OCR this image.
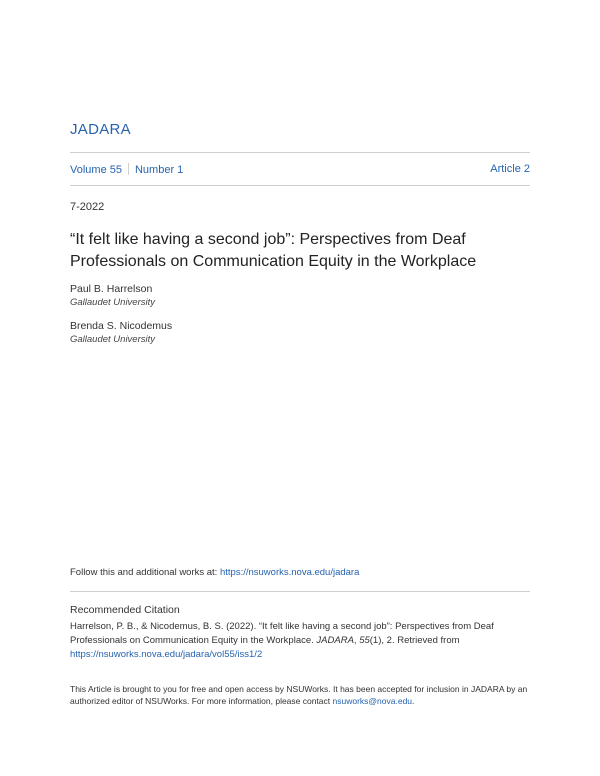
JADARA
Volume 55 Number 1	Article 2
7-2022
“It felt like having a second job”: Perspectives from Deaf
Professionals on Communication Equity in the Workplace
Paul B. Harrelson
Gallaudet University
Brenda S. Nicodemus
Gallaudet University
Follow this and additional works at: https://nsuworks.nova.edu/jadara
Recommended Citation
Harrelson, P. B., & Nicodemus, B. S. (2022). “It felt like having a second job”: Perspectives from Deaf Professionals on Communication Equity in the Workplace. JADARA, 55(1), 2. Retrieved from
https://nsuworks.nova.edu/jadara/vol55/iss1/2
This Article is brought to you for free and open access by NSUWorks. It has been accepted for inclusion in JADARA by an authorized editor of NSUWorks. For more information, please contact nsuworks@nova.edu.
